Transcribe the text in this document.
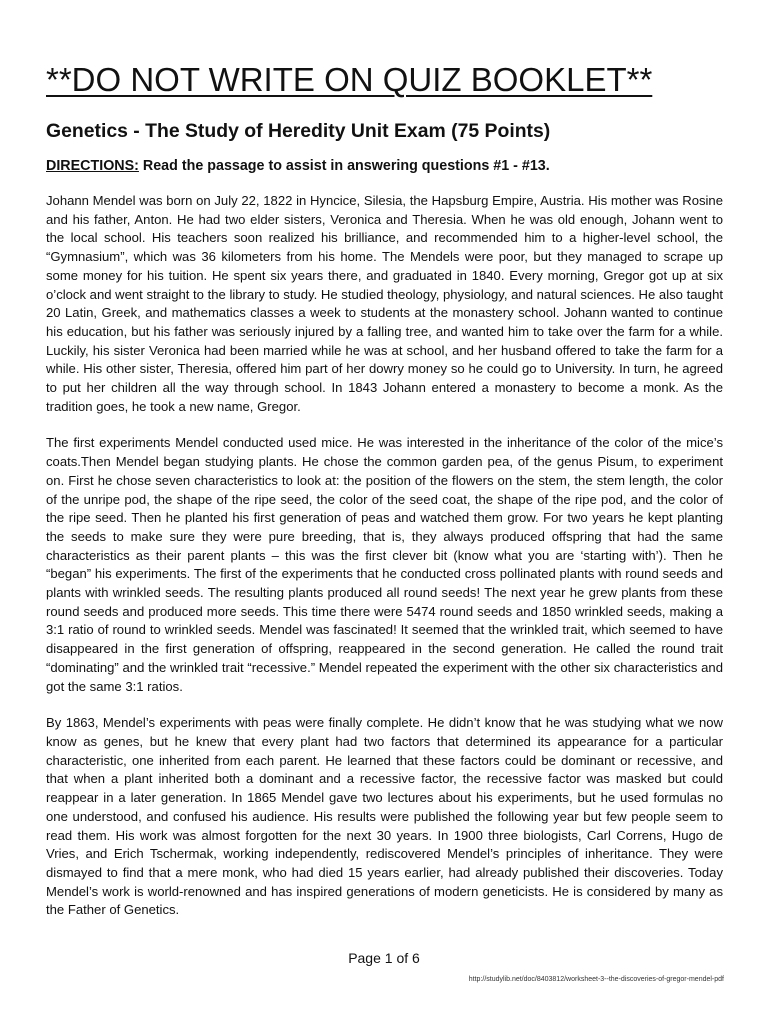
**DO NOT WRITE ON QUIZ BOOKLET**
Genetics - The Study of Heredity Unit Exam (75 Points)
DIRECTIONS: Read the passage to assist in answering questions #1 - #13.

Johann Mendel was born on July 22, 1822 in Hyncice, Silesia, the Hapsburg Empire, Austria. His mother was Rosine and his father, Anton. He had two elder sisters, Veronica and Theresia. When he was old enough, Johann went to the local school. His teachers soon realized his brilliance, and recommended him to a higher-level school, the “Gymnasium”, which was 36 kilometers from his home. The Mendels were poor, but they managed to scrape up some money for his tuition. He spent six years there, and graduated in 1840. Every morning, Gregor got up at six o’clock and went straight to the library to study. He studied theology, physiology, and natural sciences. He also taught 20 Latin, Greek, and mathematics classes a week to students at the monastery school. Johann wanted to continue his education, but his father was seriously injured by a falling tree, and wanted him to take over the farm for a while. Luckily, his sister Veronica had been married while he was at school, and her husband offered to take the farm for a while. His other sister, Theresia, offered him part of her dowry money so he could go to University. In turn, he agreed to put her children all the way through school. In 1843 Johann entered a monastery to become a monk. As the tradition goes, he took a new name, Gregor.

The first experiments Mendel conducted used mice. He was interested in the inheritance of the color of the mice’s coats.Then Mendel began studying plants. He chose the common garden pea, of the genus Pisum, to experiment on. First he chose seven characteristics to look at: the position of the flowers on the stem, the stem length, the color of the unripe pod, the shape of the ripe seed, the color of the seed coat, the shape of the ripe pod, and the color of the ripe seed. Then he planted his first generation of peas and watched them grow. For two years he kept planting the seeds to make sure they were pure breeding, that is, they always produced offspring that had the same characteristics as their parent plants – this was the first clever bit (know what you are ‘starting with’). Then he “began” his experiments. The first of the experiments that he conducted cross pollinated plants with round seeds and plants with wrinkled seeds. The resulting plants produced all round seeds! The next year he grew plants from these round seeds and produced more seeds. This time there were 5474 round seeds and 1850 wrinkled seeds, making a 3:1 ratio of round to wrinkled seeds. Mendel was fascinated! It seemed that the wrinkled trait, which seemed to have disappeared in the first generation of offspring, reappeared in the second generation. He called the round trait “dominating” and the wrinkled trait “recessive.” Mendel repeated the experiment with the other six characteristics and got the same 3:1 ratios.

By 1863, Mendel’s experiments with peas were finally complete. He didn’t know that he was studying what we now know as genes, but he knew that every plant had two factors that determined its appearance for a particular characteristic, one inherited from each parent. He learned that these factors could be dominant or recessive, and that when a plant inherited both a dominant and a recessive factor, the recessive factor was masked but could reappear in a later generation. In 1865 Mendel gave two lectures about his experiments, but he used formulas no one understood, and confused his audience. His results were published the following year but few people seem to read them. His work was almost forgotten for the next 30 years. In 1900 three biologists, Carl Correns, Hugo de Vries, and Erich Tschermak, working independently, rediscovered Mendel’s principles of inheritance. They were dismayed to find that a mere monk, who had died 15 years earlier, had already published their discoveries. Today Mendel’s work is world-renowned and has inspired generations of modern geneticists. He is considered by many as the Father of Genetics.

Page 1 of 6
http://studylib.net/doc/8403812/worksheet-3--the-discoveries-of-gregor-mendel-pdf
